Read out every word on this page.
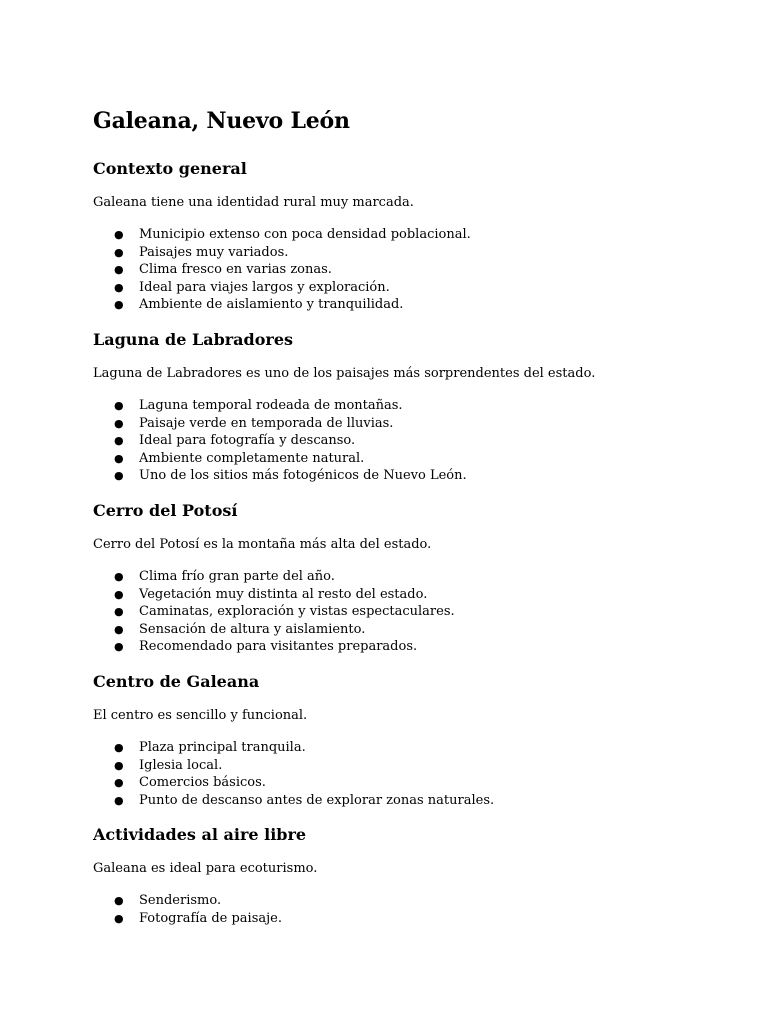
Galeana, Nuevo León
Contexto general

Galeana tiene una identidad rural muy marcada.

● Municipio extenso con poca densidad poblacional.
● Paisajes muy variados.
● Clima fresco en varias zonas.
● Ideal para viajes largos y exploración.
● Ambiente de aislamiento y tranquilidad.
Laguna de Labradores

Laguna de Labradores es uno de los paisajes más sorprendentes del estado.

● Laguna temporal rodeada de montañas.
● Paisaje verde en temporada de lluvias.
● Ideal para fotografía y descanso.
● Ambiente completamente natural.
● Uno de los sitios más fotogénicos de Nuevo León.
Cerro del Potosí

Cerro del Potosí es la montaña más alta del estado.

● Clima frío gran parte del año.
● Vegetación muy distinta al resto del estado.
● Caminatas, exploración y vistas espectaculares.
● Sensación de altura y aislamiento.
● Recomendado para visitantes preparados.
Centro de Galeana

El centro es sencillo y funcional.

● Plaza principal tranquila.
● Iglesia local.
● Comercios básicos.
● Punto de descanso antes de explorar zonas naturales.
Actividades al aire libre

Galeana es ideal para ecoturismo.

● Senderismo.
● Fotografía de paisaje.
